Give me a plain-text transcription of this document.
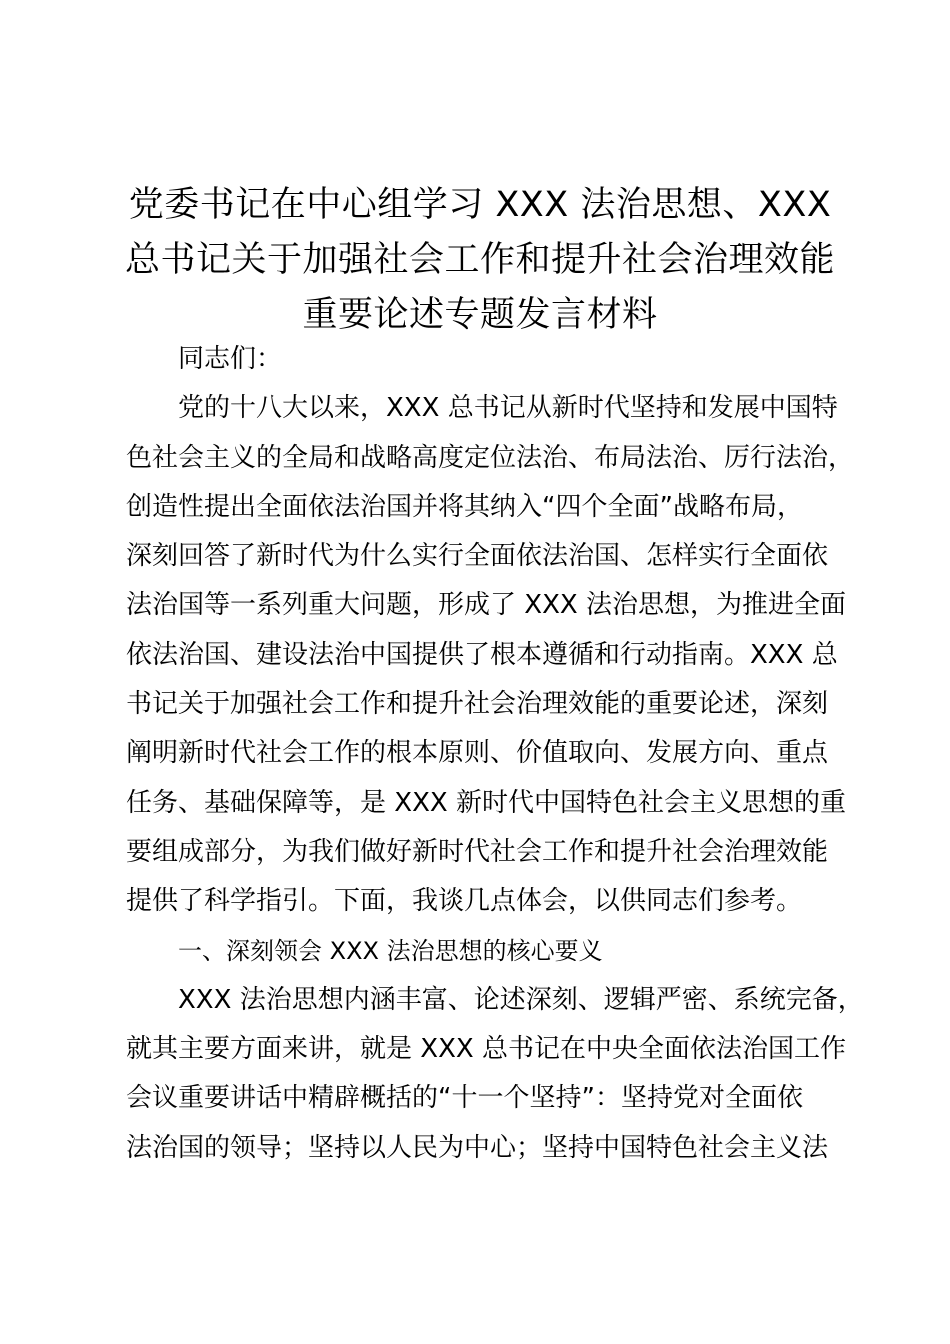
党委书记在中心组学习 XXX 法治思想、XXX
总书记关于加强社会工作和提升社会治理效能
重要论述专题发言材料
同志们：
党的十八大以来，XXX 总书记从新时代坚持和发展中国特
色社会主义的全局和战略高度定位法治、布局法治、厉行法治，
创造性提出全面依法治国并将其纳入“四个全面”战略布局，
深刻回答了新时代为什么实行全面依法治国、怎样实行全面依
法治国等一系列重大问题，形成了 XXX 法治思想，为推进全面
依法治国、建设法治中国提供了根本遵循和行动指南。XXX 总
书记关于加强社会工作和提升社会治理效能的重要论述，深刻
阐明新时代社会工作的根本原则、价值取向、发展方向、重点
任务、基础保障等，是 XXX 新时代中国特色社会主义思想的重
要组成部分，为我们做好新时代社会工作和提升社会治理效能
提供了科学指引。下面，我谈几点体会，以供同志们参考。
一、深刻领会 XXX 法治思想的核心要义
XXX 法治思想内涵丰富、论述深刻、逻辑严密、系统完备，
就其主要方面来讲，就是 XXX 总书记在中央全面依法治国工作
会议重要讲话中精辟概括的“十一个坚持”：坚持党对全面依
法治国的领导；坚持以人民为中心；坚持中国特色社会主义法
